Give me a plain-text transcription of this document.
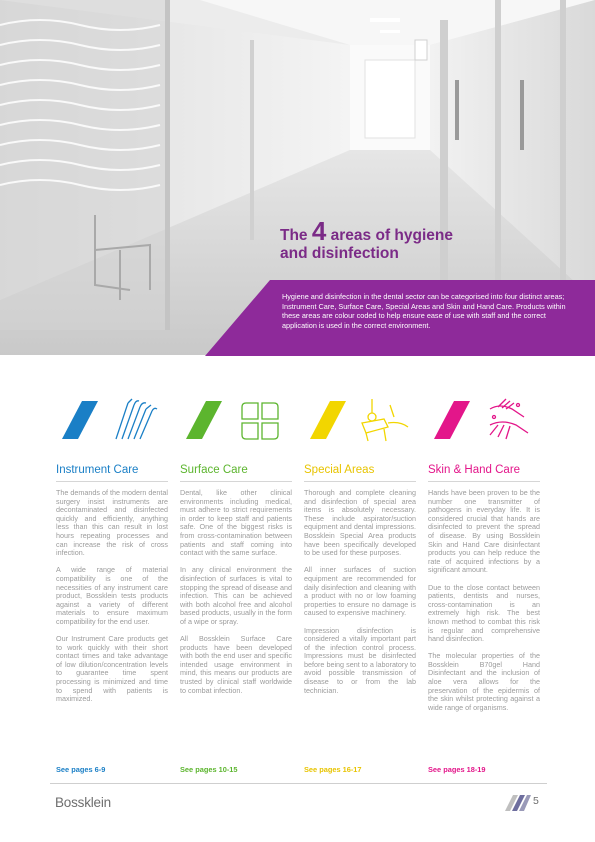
The 4 areas of hygiene
and disinfection
Hygiene and disinfection in the dental sector can be categorised into four distinct areas; Instrument Care, Surface Care, Special Areas and Skin and Hand Care. Products within these areas are colour coded to help ensure ease of use with staff and the correct application is used in the correct environment.
Instrument Care

The demands of the modern dental surgery insist instruments are decontaminated and disinfected quickly and efficiently, anything less than this can result in lost hours repeating processes and can increase the risk of cross infection.

A wide range of material compatibility is one of the necessities of any instrument care product, Bossklein tests products against a variety of different materials to ensure maximum compatibility for the end user.

Our Instrument Care products get to work quickly with their short contact times and take advantage of low dilution/concentration levels to guarantee time spent processing is minimized and time to spend with patients is maximized.

See pages 6-9
Surface Care

Dental, like other clinical environments including medical, must adhere to strict requirements in order to keep staff and patients safe. One of the biggest risks is from cross-contamination between patients and staff coming into contact with the same surface.

In any clinical environment the disinfection of surfaces is vital to stopping the spread of disease and infection. This can be achieved with both alcohol free and alcohol based products, usually in the form of a wipe or spray.

All Bossklein Surface Care products have been developed with both the end user and specific intended usage environment in mind, this means our products are trusted by clinical staff worldwide to combat infection.

See pages 10-15
Special Areas

Thorough and complete cleaning and disinfection of special area items is absolutely necessary. These include aspirator/suction equipment and dental impressions. Bossklein Special Area products have been specifically developed to be used for these purposes.

All inner surfaces of suction equipment are recommended for daily disinfection and cleaning with a product with no or low foaming properties to ensure no damage is caused to expensive machinery.

Impression disinfection is considered a vitally important part of the infection control process. Impressions must be disinfected before being sent to a laboratory to avoid possible transmission of disease to or from the lab technician.

See pages 16-17
Skin & Hand Care

Hands have been proven to be the number one transmitter of pathogens in everyday life. It is considered crucial that hands are disinfected to prevent the spread of disease. By using Bossklein Skin and Hand Care disinfectant products you can help reduce the rate of acquired infections by a significant amount.

Due to the close contact between patients, dentists and nurses, cross-contamination is an extremely high risk. The best known method to combat this risk is regular and comprehensive hand disinfection.

The molecular properties of the Bossklein B70gel Hand Disinfectant and the inclusion of aloe vera allows for the preservation of the epidermis of the skin whilst protecting against a wide range of organisms.

See pages 18-19
Bossklein	5
